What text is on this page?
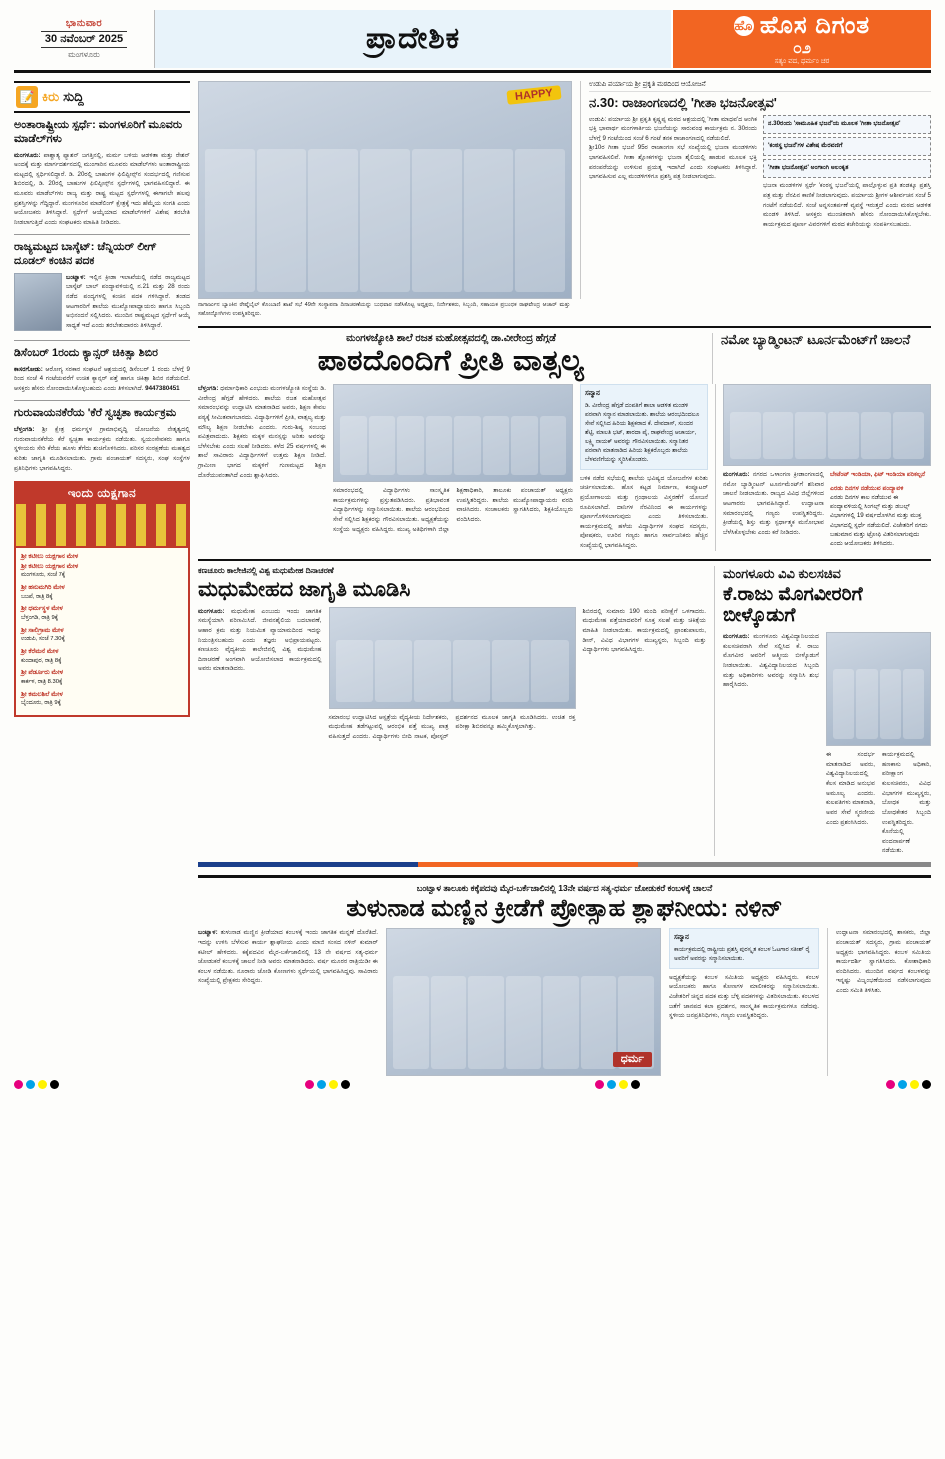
ಭಾನುವಾರ
30 ನವೆಂಬರ್ 2025
ಮಂಗಳೂರು	ಪ್ರಾದೇಶಿಕ	ಹೊ ಹೊಸ ದಿಗಂತ
೦೨
ಸತ್ಯಂ ವದ, ಧರ್ಮಂ ಚರ
📝 ಕಿರು ಸುದ್ದಿ
ಅಂತಾರಾಷ್ಟ್ರೀಯ ಸ್ಪರ್ಧೆ: ಮಂಗಳೂರಿಗೆ ಮೂವರು ಮಾಡೆಲ್‌ಗಳು
ಮಂಗಳೂರು: ಪಾಶ್ಚಾತ್ಯ ಫ್ಯಾಶನ್ ಜಗತ್ತಿನಲ್ಲಿ, ಮರ್ಮ ಬಳಿಯ ಆಡಳಿತಾ ಮತ್ತು ರೇಶನ್ ಅಂದಕ್ಕೆ ಮತ್ತು ಮಾರ್ಗದರ್ಶನದಲ್ಲಿ ಮುಂಗಾರಿನ ಮೂವರು ಮಾಡೆಲ್‌ಗಳು ಅಂತಾರಾಷ್ಟ್ರೀಯ ಮಟ್ಟದಲ್ಲಿ ಸ್ಪರ್ಧಿಸಲಿದ್ದಾರೆ. ಡಿ. 20ರಲ್ಲಿ ಬಾಹುಗಳ ಫಿಲಿಪ್ಪೀನ್ಸ್‌ನ ಸಂದರ್ಭದಲ್ಲಿ ಗಣಿಸುವ ಶಿಬಿರದಲ್ಲಿ, ಡಿ. 20ರಲ್ಲಿ ಬಾಹುಗಳ ಫಿಲಿಪ್ಪೀನ್ಸ್‌ನ ಸ್ಪರ್ಧೆಗಳಲ್ಲಿ ಭಾಗವಹಿಸಲಿದ್ದಾರೆ. ಈ ಮೂವರು ಮಾಡೆಲ್‌ಗಳು ರಾಜ್ಯ ಮತ್ತು ರಾಷ್ಟ್ರ ಮಟ್ಟದ ಸ್ಪರ್ಧೆಗಳಲ್ಲಿ ಈಗಾಗಲೇ ಹಲವು ಪ್ರಶಸ್ತಿಗಳನ್ನು ಗೆದ್ದಿದ್ದಾರೆ. ಮಂಗಳೂರಿನ ಮಾಡೆಲಿಂಗ್ ಕ್ಷೇತ್ರಕ್ಕೆ ಇದು ಹೆಮ್ಮೆಯ ಸಂಗತಿ ಎಂದು ಆಯೋಜಕರು ತಿಳಿಸಿದ್ದಾರೆ. ಸ್ಪರ್ಧೆಗೆ ಆಯ್ಕೆಯಾದ ಮಾಡೆಲ್‌ಗಳಿಗೆ ವಿಶೇಷ ತರಬೇತಿ ನೀಡಲಾಗುತ್ತಿದೆ ಎಂದು ಸಂಘಟಕರು ಮಾಹಿತಿ ನೀಡಿದರು.
ರಾಜ್ಯಮಟ್ಟದ ಬಾಸ್ಕೆಟ್: ಚೆನ್ನಿಯರ್ ಲೀಗ್ ದೂಡಲ್ ಕಂಚಿನ ಪದಕ
ಬಂಟ್ವಾಳ: ಇಲ್ಲಿನ ಕ್ರೀಡಾ ಇಲಾಖೆಯಲ್ಲಿ ನಡೆದ ರಾಜ್ಯಮಟ್ಟದ ಬಾಸ್ಕೆಟ್ ಬಾಲ್ ಪಂದ್ಯಾವಳಿಯಲ್ಲಿ ನ.21 ಮತ್ತು 28 ರಂದು ನಡೆದ ಪಂದ್ಯಗಳಲ್ಲಿ ಕಂಚಿನ ಪದಕ ಗಳಿಸಿದ್ದಾರೆ. ತಂಡದ ಆಟಗಾರರಿಗೆ ಶಾಲೆಯ ಮುಖ್ಯೋಪಾಧ್ಯಾಯರು ಹಾಗೂ ಸಿಬ್ಬಂದಿ ಅಭಿನಂದನೆ ಸಲ್ಲಿಸಿದರು. ಮುಂದಿನ ರಾಷ್ಟ್ರಮಟ್ಟದ ಸ್ಪರ್ಧೆಗೆ ಆಯ್ಕೆ ಸಾಧ್ಯತೆ ಇದೆ ಎಂದು ತರಬೇತುದಾರರು ತಿಳಿಸಿದ್ದಾರೆ.
ಡಿಸೆಂಬರ್ 1ರಂದು ಕ್ಯಾನ್ಸರ್ ಚಿಕಿತ್ಸಾ ಶಿಬಿರ
ಕಾಸರಗೋಡು: ಆರೋಗ್ಯ ಸರಕಾರ ಸಂಘಟನೆ ಆಶ್ರಯದಲ್ಲಿ ಡಿಸೆಂಬರ್ 1 ರಂದು ಬೆಳಗ್ಗೆ 9 ರಿಂದ ಸಂಜೆ 4 ಗಂಟೆಯವರೆಗೆ ಉಚಿತ ಕ್ಯಾನ್ಸರ್ ಪತ್ತೆ ಹಾಗೂ ಚಿಕಿತ್ಸಾ ಶಿಬಿರ ನಡೆಯಲಿದೆ. ಆಸಕ್ತರು ಹೆಸರು ನೋಂದಾಯಿಸಿಕೊಳ್ಳಬಹುದು ಎಂದು ತಿಳಿಸಲಾಗಿದೆ. 9447380451
ಗುರುವಾಯನಕೆರೆಯ 'ಕೆರೆ ಸ್ವಚ್ಛತಾ ಕಾರ್ಯಕ್ರಮ
ಬೆಳ್ತಂಗಡಿ: ಶ್ರೀ ಕ್ಷೇತ್ರ ಧರ್ಮಸ್ಥಳ ಗ್ರಾಮಾಭಿವೃದ್ಧಿ ಯೋಜನೆಯ ನೇತೃತ್ವದಲ್ಲಿ ಗುರುವಾಯನಕೆರೆಯ ಕೆರೆ ಸ್ವಚ್ಛತಾ ಕಾರ್ಯಕ್ರಮ ನಡೆಯಿತು. ಸ್ವಯಂಸೇವಕರು ಹಾಗೂ ಸ್ಥಳೀಯರು ಸೇರಿ ಕೆರೆಯ ಹೂಳು ತೆಗೆದು ಶುಚಿಗೊಳಿಸಿದರು. ಪರಿಸರ ಸಂರಕ್ಷಣೆಯ ಮಹತ್ವದ ಕುರಿತು ಜಾಗೃತಿ ಮೂಡಿಸಲಾಯಿತು. ಗ್ರಾಮ ಪಂಚಾಯತ್ ಸದಸ್ಯರು, ಸಂಘ ಸಂಸ್ಥೆಗಳ ಪ್ರತಿನಿಧಿಗಳು ಭಾಗವಹಿಸಿದ್ದರು.
ಇಂದು ಯಕ್ಷಗಾನ
ಶ್ರೀ ಕಟೀಲು ಯಕ್ಷಗಾನ ಮೇಳ
ಶ್ರೀ ಕಟೀಲು ಯಕ್ಷಗಾನ ಮೇಳ
ಮಂಗಳೂರು, ಸಂಜೆ 7ಕ್ಕೆ
ಶ್ರೀ ಹನುಮಗಿರಿ ಮೇಳ
ಬಜಪೆ, ರಾತ್ರಿ 8ಕ್ಕೆ
ಶ್ರೀ ಧರ್ಮಸ್ಥಳ ಮೇಳ
ಬೆಳ್ತಂಗಡಿ, ರಾತ್ರಿ 9ಕ್ಕೆ
ಶ್ರೀ ಸಾಲಿಗ್ರಾಮ ಮೇಳ
ಉಡುಪಿ, ಸಂಜೆ 7.30ಕ್ಕೆ
ಶ್ರೀ ಕೆರೆಮನೆ ಮೇಳ
ಕುಂದಾಪುರ, ರಾತ್ರಿ 8ಕ್ಕೆ
ಶ್ರೀ ಪೆರ್ಡೂರು ಮೇಳ
ಕಾರ್ಕಳ, ರಾತ್ರಿ 8.30ಕ್ಕೆ
ಶ್ರೀ ಕಮಲಶಿಲೆ ಮೇಳ
ಬೈಂದೂರು, ರಾತ್ರಿ 9ಕ್ಕೆ
HAPPY
ಉಡುಪಿ ಪರ್ಯಾಯ ಶ್ರೀ ಪ್ರಕೃತಿ ಮಠದಿಂದ ಆಯೋಜನೆ
ನ.30: ರಾಜಾಂಗಣದಲ್ಲಿ 'ಗೀತಾ ಭಜನೋತ್ಸವ'
ಉಡುಪಿ: ಪರ್ಯಾಯ ಶ್ರೀ ಪ್ರಕೃತಿ ಕೃಷ್ಣಪ್ಪ ಮಠದ ಆಶ್ರಯದಲ್ಲಿ 'ಗೀತಾ ಮಾಧವ'ದ ಆಂಗಿಕ ಭಕ್ತಿ ಭಾವಾರ್ಥ ಮಂಗಳಾರ್ತಿಯ ಭಜನೆಯನ್ನು ಸಾರುವಂಥ ಕಾರ್ಯಕ್ರಮ ನ. 30ರಂದು ಬೆಳಗ್ಗೆ 9 ಗಂಟೆಯಿಂದ ಸಂಜೆ 6 ಗಂಟೆ ತನಕ ರಾಜಾಂಗಣದಲ್ಲಿ ನಡೆಯಲಿದೆ.
ಶ್ರೀ10ರ ಗೀತಾ ಭಜನೆ 95ರ ರಾಜಾಂಗಣ ಸಭೆ ಸಂಖ್ಯೆಯಲ್ಲಿ ಭಜನಾ ಮಂಡಳಿಗಳು ಭಾಗವಹಿಸಲಿವೆ. ಗೀತಾ ಶ್ಲೋಕಗಳನ್ನು ಭಜನಾ ಶೈಲಿಯಲ್ಲಿ ಹಾಡುವ ಮೂಲಕ ಭಕ್ತಿ ಪರಂಪರೆಯನ್ನು ಉಳಿಸುವ ಪ್ರಯತ್ನ ಇದಾಗಿದೆ ಎಂದು ಸಂಘಟಕರು ತಿಳಿಸಿದ್ದಾರೆ. ಭಾಗವಹಿಸುವ ಎಲ್ಲ ಮಂಡಳಿಗಳಿಗೂ ಪ್ರಶಸ್ತಿ ಪತ್ರ ನೀಡಲಾಗುವುದು.
ನ.30ರಂದು 'ಸಾಮೂಹಿಕ ಭಜನೆ'ಯ ಮೂಲಕ 'ಗೀತಾ ಭಜನೋತ್ಸವ'
'ಕಂಠಸ್ಥ ಭಜನೆ'ಗಳ ವಿಶೇಷ ಮೆರವಣಿಗೆ
'ಗೀತಾ ಭಜನೋತ್ಸವ' ಅಂಗಾಂಗಿ ಅಲಂಕೃತ
ಭಜನಾ ಮಂಡಳಿಗಳ ಸ್ಪರ್ಧೆ 'ಕಂಠಸ್ಥ ಭಜನೆ'ಯಲ್ಲಿ ಪಾಲ್ಗೊಳ್ಳುವ ಪ್ರತಿ ತಂಡಕ್ಕೂ ಪ್ರಶಸ್ತಿ ಪತ್ರ ಮತ್ತು ನೆನಪಿನ ಕಾಣಿಕೆ ನೀಡಲಾಗುವುದು. ಪರ್ಯಾಯ ಶ್ರೀಗಳ ಆಶೀರ್ವಚನ ಸಂಜೆ 5 ಗಂಟೆಗೆ ನಡೆಯಲಿದೆ. ಸಂಜೆ ಅನ್ನಸಂತರ್ಪಣೆ ವ್ಯವಸ್ಥೆ ಇರುತ್ತದೆ ಎಂದು ಮಠದ ಆಡಳಿತ ಮಂಡಳಿ ತಿಳಿಸಿದೆ. ಆಸಕ್ತರು ಮುಂಚಿತವಾಗಿ ಹೆಸರು ನೋಂದಾಯಿಸಿಕೊಳ್ಳಬೇಕು. ಕಾರ್ಯಕ್ರಮದ ಪೂರ್ಣ ವಿವರಗಳಿಗೆ ಮಠದ ಕಚೇರಿಯನ್ನು ಸಂಪರ್ಕಿಸಬಹುದು.
ನಾಗಾರ್ಜುನ ಬ್ಯಾಂಕಿನ ರೇಷ್ಮೆಬೈಲ್ ಕೊಂಬಾಣಿ ಶಾಖೆ ಸಭೆ 49ನೇ ಸಂಸ್ಥಾಪನಾ ದಿನಾಚರಣೆಯನ್ನು ಬುಧವಾರ ನಡೆಸಿಕೊಟ್ಟ ಅಧ್ಯಕ್ಷರು, ನಿರ್ದೇಶಕರು, ಸಿಬ್ಬಂದಿ, ಸಹಾಯಕ ಪ್ರಬಂಧಕ ರಾಘವೇಂದ್ರ ಆಚಾರ್ ಮತ್ತು ಸಹೋದ್ಯೋಗಿಗಳು ಉಪಸ್ಥಿತರಿದ್ದರು.
ಮಂಗಳಜ್ಯೋತಿ ಶಾಲೆ ರಜತ ಮಹೋತ್ಸವದಲ್ಲಿ ಡಾ.ವೀರೇಂದ್ರ ಹೆಗ್ಗಡೆ
ಪಾಠದೊಂದಿಗೆ ಪ್ರೀತಿ ವಾತ್ಸಲ್ಯ
ನಮೋ ಬ್ಯಾಡ್ಮಿಂಟನ್ ಟೂರ್ನಮೆಂಟ್‌ಗೆ ಚಾಲನೆ
ಬೆಳ್ತಂಗಡಿ: ಧರ್ಮಾಧಿಕಾರಿ ಎಂಭುದು ಮಂಗಳಜ್ಯೋತಿ ಸಂಸ್ಥೆಯ ಡಿ. ವೀರೇಂದ್ರ ಹೆಗ್ಗಡೆ ಹೇಳಿದರು. ಶಾಲೆಯ ರಜತ ಮಹೋತ್ಸವ ಸಮಾರಂಭವನ್ನು ಉದ್ಘಾಟಿಸಿ ಮಾತನಾಡಿದ ಅವರು, ಶಿಕ್ಷಣ ಕೇವಲ ಪಠ್ಯಕ್ಕೆ ಸೀಮಿತವಾಗಬಾರದು. ವಿದ್ಯಾರ್ಥಿಗಳಿಗೆ ಪ್ರೀತಿ, ವಾತ್ಸಲ್ಯ ಮತ್ತು ಮೌಲ್ಯ ಶಿಕ್ಷಣ ನೀಡಬೇಕು ಎಂದರು. ಗುರು-ಶಿಷ್ಯ ಸಂಬಂಧ ಪವಿತ್ರವಾದುದು. ಶಿಕ್ಷಕರು ಮಕ್ಕಳ ಮನಸ್ಸನ್ನು ಅರಿತು ಅವರನ್ನು ಬೆಳೆಸಬೇಕು ಎಂದು ಸಲಹೆ ನೀಡಿದರು. ಕಳೆದ 25 ವರ್ಷಗಳಲ್ಲಿ ಈ ಶಾಲೆ ಸಾವಿರಾರು ವಿದ್ಯಾರ್ಥಿಗಳಿಗೆ ಉತ್ತಮ ಶಿಕ್ಷಣ ನೀಡಿದೆ. ಗ್ರಾಮೀಣ ಭಾಗದ ಮಕ್ಕಳಿಗೆ ಗುಣಮಟ್ಟದ ಶಿಕ್ಷಣ ದೊರೆಯುವಂತಾಗಿದೆ ಎಂದು ಶ್ಲಾಘಿಸಿದರು.
ಸಮಾರಂಭದಲ್ಲಿ ವಿದ್ಯಾರ್ಥಿಗಳು ಸಾಂಸ್ಕೃತಿಕ ಕಾರ್ಯಕ್ರಮಗಳನ್ನು ಪ್ರಸ್ತುತಪಡಿಸಿದರು. ಪ್ರತಿಭಾವಂತ ವಿದ್ಯಾರ್ಥಿಗಳನ್ನು ಸನ್ಮಾನಿಸಲಾಯಿತು. ಶಾಲೆಯ ಆರಂಭದಿಂದ ಸೇವೆ ಸಲ್ಲಿಸಿದ ಶಿಕ್ಷಕರನ್ನು ಗೌರವಿಸಲಾಯಿತು. ಅಧ್ಯಕ್ಷತೆಯನ್ನು ಸಂಸ್ಥೆಯ ಅಧ್ಯಕ್ಷರು ವಹಿಸಿದ್ದರು. ಮುಖ್ಯ ಅತಿಥಿಗಳಾಗಿ ಜಿಲ್ಲಾ ಶಿಕ್ಷಣಾಧಿಕಾರಿ, ತಾಲೂಕು ಪಂಚಾಯತ್ ಅಧ್ಯಕ್ಷರು ಉಪಸ್ಥಿತರಿದ್ದರು. ಶಾಲೆಯ ಮುಖ್ಯೋಪಾಧ್ಯಾಯರು ವರದಿ ವಾಚಿಸಿದರು. ಸಂಚಾಲಕರು ಸ್ವಾಗತಿಸಿದರು, ಶಿಕ್ಷಕಿಯೊಬ್ಬರು ವಂದಿಸಿದರು.
ಸನ್ಮಾನ
ಡಿ. ವೀರೇಂದ್ರ ಹೆಗ್ಗಡೆ ದಂಪತಿಗೆ ಶಾಲಾ ಆಡಳಿತ ಮಂಡಳಿ ಪರವಾಗಿ ಸನ್ಮಾನ ಮಾಡಲಾಯಿತು. ಶಾಲೆಯ ಆರಂಭದಿಂದಲೂ ಸೇವೆ ಸಲ್ಲಿಸಿದ ಹಿರಿಯ ಶಿಕ್ಷಕರಾದ ಕೆ. ದೇವದಾಸ್, ಸುಂದರ ಶೆಟ್ಟಿ, ಮಾಲತಿ ಭಟ್, ಶಾರದಾ ಪೈ, ರಾಘವೇಂದ್ರ ಆಚಾರ್ಯ, ಲಕ್ಷ್ಮಿ ನಾಯಕ್ ಅವರನ್ನು ಗೌರವಿಸಲಾಯಿತು. ಸನ್ಮಾನಿತರ ಪರವಾಗಿ ಮಾತನಾಡಿದ ಹಿರಿಯ ಶಿಕ್ಷಕರೊಬ್ಬರು ಶಾಲೆಯ ಬೆಳವಣಿಗೆಯನ್ನು ಸ್ಮರಿಸಿಕೊಂಡರು.
ಬಳಿಕ ನಡೆದ ಸಭೆಯಲ್ಲಿ ಶಾಲೆಯ ಭವಿಷ್ಯದ ಯೋಜನೆಗಳ ಕುರಿತು ಚರ್ಚಿಸಲಾಯಿತು. ಹೊಸ ಕಟ್ಟಡ ನಿರ್ಮಾಣ, ಕಂಪ್ಯೂಟರ್ ಪ್ರಯೋಗಾಲಯ ಮತ್ತು ಗ್ರಂಥಾಲಯ ವಿಸ್ತರಣೆಗೆ ಯೋಜನೆ ರೂಪಿಸಲಾಗಿದೆ. ದಾನಿಗಳ ನೆರವಿನಿಂದ ಈ ಕಾರ್ಯಗಳನ್ನು ಪೂರ್ಣಗೊಳಿಸಲಾಗುವುದು ಎಂದು ತಿಳಿಸಲಾಯಿತು. ಕಾರ್ಯಕ್ರಮದಲ್ಲಿ ಹಳೆಯ ವಿದ್ಯಾರ್ಥಿಗಳ ಸಂಘದ ಸದಸ್ಯರು, ಪೋಷಕರು, ಊರಿನ ಗಣ್ಯರು ಹಾಗೂ ಸಾರ್ವಜನಿಕರು ಹೆಚ್ಚಿನ ಸಂಖ್ಯೆಯಲ್ಲಿ ಭಾಗವಹಿಸಿದ್ದರು.
ಮಂಗಳೂರು: ನಗರದ ಒಳಾಂಗಣ ಕ್ರೀಡಾಂಗಣದಲ್ಲಿ ನಮೋ ಬ್ಯಾಡ್ಮಿಂಟನ್ ಟೂರ್ನಮೆಂಟ್‌ಗೆ ಶನಿವಾರ ಚಾಲನೆ ನೀಡಲಾಯಿತು. ರಾಜ್ಯದ ವಿವಿಧ ಜಿಲ್ಲೆಗಳಿಂದ ಆಟಗಾರರು ಭಾಗವಹಿಸಿದ್ದಾರೆ. ಉದ್ಘಾಟನಾ ಸಮಾರಂಭದಲ್ಲಿ ಗಣ್ಯರು ಉಪಸ್ಥಿತರಿದ್ದರು. ಕ್ರೀಡೆಯಲ್ಲಿ ಶಿಸ್ತು ಮತ್ತು ಸ್ಪರ್ಧಾತ್ಮಕ ಮನೋಭಾವ ಬೆಳೆಸಿಕೊಳ್ಳಬೇಕು ಎಂದು ಕರೆ ನೀಡಿದರು.
ಬೇಟೆಂಟ್ ಇಂಡಿಯಾ, ಫಿಟ್ ಇಂಡಿಯಾ ಪರಿಕಲ್ಪನೆ
ಎರಡು ದಿನಗಳ ನಡೆಯುವ ಪಂದ್ಯಾವಳಿ
ಎರಡು ದಿನಗಳ ಕಾಲ ನಡೆಯುವ ಈ ಪಂದ್ಯಾವಳಿಯಲ್ಲಿ ಸಿಂಗಲ್ಸ್ ಮತ್ತು ಡಬಲ್ಸ್ ವಿಭಾಗಗಳಲ್ಲಿ 19 ವರ್ಷದೊಳಗಿನ ಮತ್ತು ಮುಕ್ತ ವಿಭಾಗದಲ್ಲಿ ಸ್ಪರ್ಧೆ ನಡೆಯಲಿದೆ. ವಿಜೇತರಿಗೆ ನಗದು ಬಹುಮಾನ ಮತ್ತು ಟ್ರೋಫಿ ವಿತರಿಸಲಾಗುವುದು ಎಂದು ಆಯೋಜಕರು ತಿಳಿಸಿದರು.
ಕಣಚೂರು ಕಾಲೇಜಿನಲ್ಲಿ ವಿಶ್ವ ಮಧುಮೇಹ ದಿನಾಚರಣೆ
ಮಧುಮೇಹದ ಜಾಗೃತಿ ಮೂಡಿಸಿ
ಮಂಗಳೂರು: ಮಧುಮೇಹ ಎಂಬುದು ಇಂದು ಜಾಗತಿಕ ಸಮಸ್ಯೆಯಾಗಿ ಪರಿಣಮಿಸಿದೆ. ಜೀವನಶೈಲಿಯ ಬದಲಾವಣೆ, ಆಹಾರ ಕ್ರಮ ಮತ್ತು ನಿಯಮಿತ ವ್ಯಾಯಾಮದಿಂದ ಇದನ್ನು ನಿಯಂತ್ರಿಸಬಹುದು ಎಂದು ತಜ್ಞರು ಅಭಿಪ್ರಾಯಪಟ್ಟರು. ಕಣಚೂರು ವೈದ್ಯಕೀಯ ಕಾಲೇಜಿನಲ್ಲಿ ವಿಶ್ವ ಮಧುಮೇಹ ದಿನಾಚರಣೆ ಅಂಗವಾಗಿ ಆಯೋಜಿಸಲಾದ ಕಾರ್ಯಕ್ರಮದಲ್ಲಿ ಅವರು ಮಾತನಾಡಿದರು.
ಸಮಾರಂಭ ಉದ್ಘಾಟಿಸಿದ ಆಸ್ಪತ್ರೆಯ ವೈದ್ಯಕೀಯ ನಿರ್ದೇಶಕರು, ಮಧುಮೇಹ ತಡೆಗಟ್ಟುವಲ್ಲಿ ಆರಂಭಿಕ ಪತ್ತೆ ಮುಖ್ಯ ಪಾತ್ರ ವಹಿಸುತ್ತದೆ ಎಂದರು. ವಿದ್ಯಾರ್ಥಿಗಳು ಬೀದಿ ನಾಟಕ, ಪೋಸ್ಟರ್ ಪ್ರದರ್ಶನದ ಮೂಲಕ ಜಾಗೃತಿ ಮೂಡಿಸಿದರು. ಉಚಿತ ರಕ್ತ ಪರೀಕ್ಷಾ ಶಿಬಿರವನ್ನೂ ಹಮ್ಮಿಕೊಳ್ಳಲಾಗಿತ್ತು.
ಶಿಬಿರದಲ್ಲಿ ಸುಮಾರು 190 ಮಂದಿ ಪರೀಕ್ಷೆಗೆ ಒಳಗಾದರು. ಮಧುಮೇಹ ಪತ್ತೆಯಾದವರಿಗೆ ಸೂಕ್ತ ಸಲಹೆ ಮತ್ತು ಚಿಕಿತ್ಸೆಯ ಮಾಹಿತಿ ನೀಡಲಾಯಿತು. ಕಾರ್ಯಕ್ರಮದಲ್ಲಿ ಪ್ರಾಂಶುಪಾಲರು, ಡೀನ್, ವಿವಿಧ ವಿಭಾಗಗಳ ಮುಖ್ಯಸ್ಥರು, ಸಿಬ್ಬಂದಿ ಮತ್ತು ವಿದ್ಯಾರ್ಥಿಗಳು ಭಾಗವಹಿಸಿದ್ದರು.
ಮಂಗಳೂರು ವಿವಿ ಕುಲಸಚಿವ
ಕೆ.ರಾಜು ಮೊಗವೀರರಿಗೆ ಬೀಳ್ಕೊಡುಗೆ
ಮಂಗಳೂರು: ಮಂಗಳೂರು ವಿಶ್ವವಿದ್ಯಾನಿಲಯದ ಕುಲಸಚಿವರಾಗಿ ಸೇವೆ ಸಲ್ಲಿಸಿದ ಕೆ. ರಾಜು ಮೊಗವೀರ ಅವರಿಗೆ ಆತ್ಮೀಯ ಬೀಳ್ಕೊಡುಗೆ ನೀಡಲಾಯಿತು. ವಿಶ್ವವಿದ್ಯಾನಿಲಯದ ಸಿಬ್ಬಂದಿ ಮತ್ತು ಅಧಿಕಾರಿಗಳು ಅವರನ್ನು ಸನ್ಮಾನಿಸಿ ಶುಭ ಹಾರೈಸಿದರು.
ಈ ಸಂದರ್ಭ ಮಾತನಾಡಿದ ಅವರು, ವಿಶ್ವವಿದ್ಯಾನಿಲಯದಲ್ಲಿ ಕೆಲಸ ಮಾಡಿದ ಅನುಭವ ಅಮೂಲ್ಯ ಎಂದರು. ಕುಲಪತಿಗಳು ಮಾತನಾಡಿ, ಅವರ ಸೇವೆ ಸ್ಮರಣೀಯ ಎಂದು ಪ್ರಶಂಸಿಸಿದರು.
ಕಾರ್ಯಕ್ರಮದಲ್ಲಿ ಹಣಕಾಸು ಅಧಿಕಾರಿ, ಪರೀಕ್ಷಾಂಗ ಕುಲಸಚಿವರು, ವಿವಿಧ ವಿಭಾಗಗಳ ಮುಖ್ಯಸ್ಥರು, ಬೋಧಕ ಮತ್ತು ಬೋಧಕೇತರ ಸಿಬ್ಬಂದಿ ಉಪಸ್ಥಿತರಿದ್ದರು. ಕೊನೆಯಲ್ಲಿ ವಂದನಾರ್ಪಣೆ ನಡೆಯಿತು.
ಬಂಟ್ವಾಳ ತಾಲೂಕು ಕಕ್ಕೆಪದವು ಮೈರ-ಬರ್ಕೆಜಾಲಿನಲ್ಲಿ 13ನೇ ವರ್ಷದ ಸತ್ಯ-ಧರ್ಮ ಜೋಡುಕರೆ ಕಂಬಳಕ್ಕೆ ಚಾಲನೆ
ತುಳುನಾಡ ಮಣ್ಣಿನ ಕ್ರೀಡೆಗೆ ಪ್ರೋತ್ಸಾಹ ಶ್ಲಾಘನೀಯ: ನಳಿನ್
ಬಂಟ್ವಾಳ: ತುಳುನಾಡ ಮಣ್ಣಿನ ಕ್ರೀಡೆಯಾದ ಕಂಬಳಕ್ಕೆ ಇಂದು ಜಾಗತಿಕ ಮನ್ನಣೆ ದೊರೆತಿದೆ. ಇದನ್ನು ಉಳಿಸಿ ಬೆಳೆಸುವ ಕಾರ್ಯ ಶ್ಲಾಘನೀಯ ಎಂದು ಮಾಜಿ ಸಂಸದ ನಳಿನ್ ಕುಮಾರ್ ಕಟೀಲ್ ಹೇಳಿದರು. ಕಕ್ಕೆಪದವಿನ ಮೈರ-ಬರ್ಕೆಜಾಲಿನಲ್ಲಿ 13 ನೇ ವರ್ಷದ ಸತ್ಯ-ಧರ್ಮ ಜೋಡುಕರೆ ಕಂಬಳಕ್ಕೆ ಚಾಲನೆ ನೀಡಿ ಅವರು ಮಾತನಾಡಿದರು. ವರ್ಷ ಮೂರರ ರಾತ್ರಿಯಿಡೀ ಈ ಕಂಬಳ ನಡೆಯಿತು. ನೂರಾರು ಜೋಡಿ ಕೋಣಗಳು ಸ್ಪರ್ಧೆಯಲ್ಲಿ ಭಾಗವಹಿಸಿದ್ದವು. ಸಾವಿರಾರು ಸಂಖ್ಯೆಯಲ್ಲಿ ಪ್ರೇಕ್ಷಕರು ಸೇರಿದ್ದರು.
ಧರ್ಮ
ಸನ್ಮಾನ
ಕಾರ್ಯಕ್ರಮದಲ್ಲಿ ರಾಷ್ಟ್ರೀಯ ಪ್ರಶಸ್ತಿ ಪುರಸ್ಕೃತ ಕಂಬಳ ಓಟಗಾರ ಸತೀಶ್ ರೈ ಅವರಿಗೆ ಅವರನ್ನು ಸನ್ಮಾನಿಸಲಾಯಿತು.
ಅಧ್ಯಕ್ಷತೆಯನ್ನು ಕಂಬಳ ಸಮಿತಿಯ ಅಧ್ಯಕ್ಷರು ವಹಿಸಿದ್ದರು. ಕಂಬಳ ಆಯೋಜಕರು ಹಾಗೂ ಕೋಣಗಳ ಮಾಲೀಕರನ್ನು ಸನ್ಮಾನಿಸಲಾಯಿತು. ವಿಜೇತರಿಗೆ ಚಿನ್ನದ ಪದಕ ಮತ್ತು ಬೆಳ್ಳಿ ಪದಕಗಳನ್ನು ವಿತರಿಸಲಾಯಿತು. ಕಂಬಳದ ಜತೆಗೆ ಜಾನಪದ ಕಲಾ ಪ್ರದರ್ಶನ, ಸಾಂಸ್ಕೃತಿಕ ಕಾರ್ಯಕ್ರಮಗಳೂ ನಡೆದವು. ಸ್ಥಳೀಯ ಜನಪ್ರತಿನಿಧಿಗಳು, ಗಣ್ಯರು ಉಪಸ್ಥಿತರಿದ್ದರು.
ಉದ್ಘಾಟನಾ ಸಮಾರಂಭದಲ್ಲಿ ಶಾಸಕರು, ಜಿಲ್ಲಾ ಪಂಚಾಯತ್ ಸದಸ್ಯರು, ಗ್ರಾಮ ಪಂಚಾಯತ್ ಅಧ್ಯಕ್ಷರು ಭಾಗವಹಿಸಿದ್ದರು. ಕಂಬಳ ಸಮಿತಿಯ ಕಾರ್ಯದರ್ಶಿ ಸ್ವಾಗತಿಸಿದರು. ಕೋಶಾಧಿಕಾರಿ ವಂದಿಸಿದರು. ಮುಂದಿನ ವರ್ಷದ ಕಂಬಳವನ್ನು ಇನ್ನಷ್ಟು ವಿಜೃಂಭಣೆಯಿಂದ ನಡೆಸಲಾಗುವುದು ಎಂದು ಸಮಿತಿ ತಿಳಿಸಿತು.
